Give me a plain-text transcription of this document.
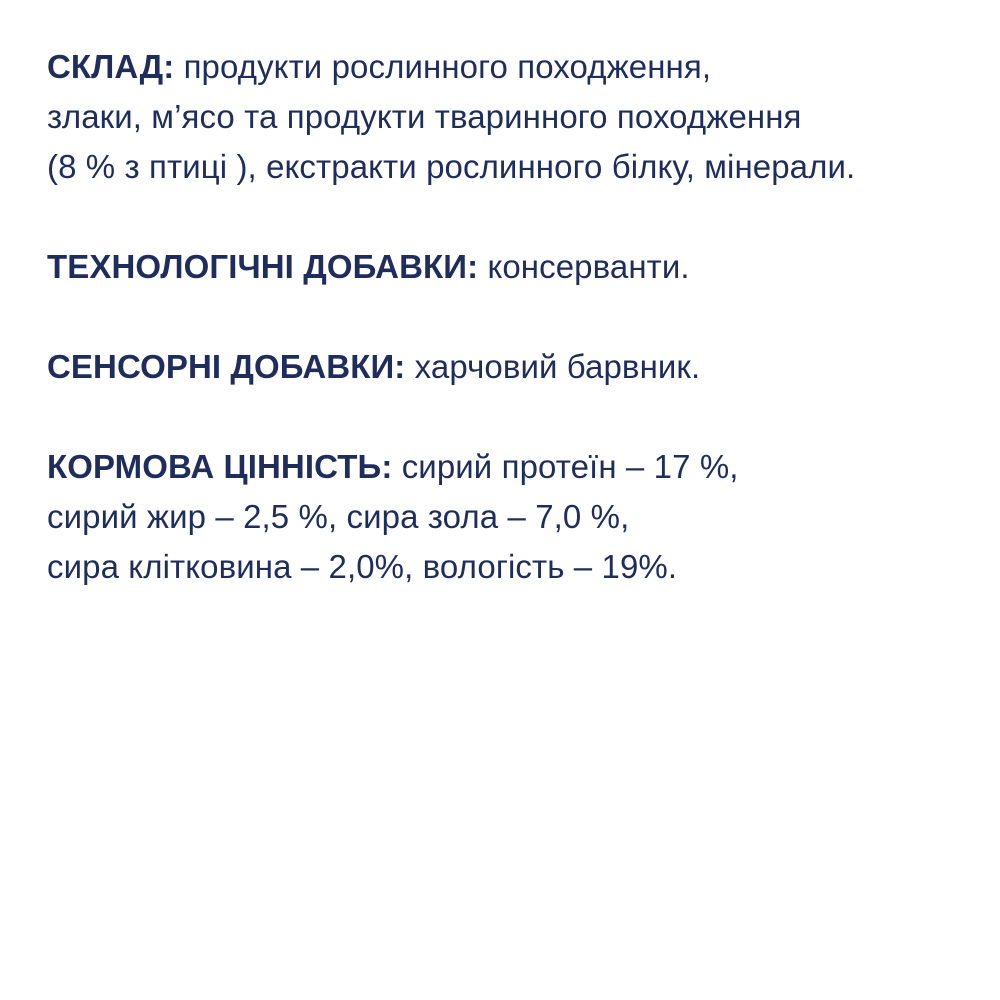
СКЛАД: продукти рослинного походження,
злаки, м’ясо та продукти тваринного походження
(8 % з птиці ), екстракти рослинного білку, мінерали.
ТЕХНОЛОГІЧНІ ДОБАВКИ: консерванти.
СЕНСОРНІ ДОБАВКИ: харчовий барвник.
КОРМОВА ЦІННІСТЬ: сирий протеїн – 17 %,
сирий жир – 2,5 %, сира зола – 7,0 %,
сира клітковина – 2,0%, вологість – 19%.
